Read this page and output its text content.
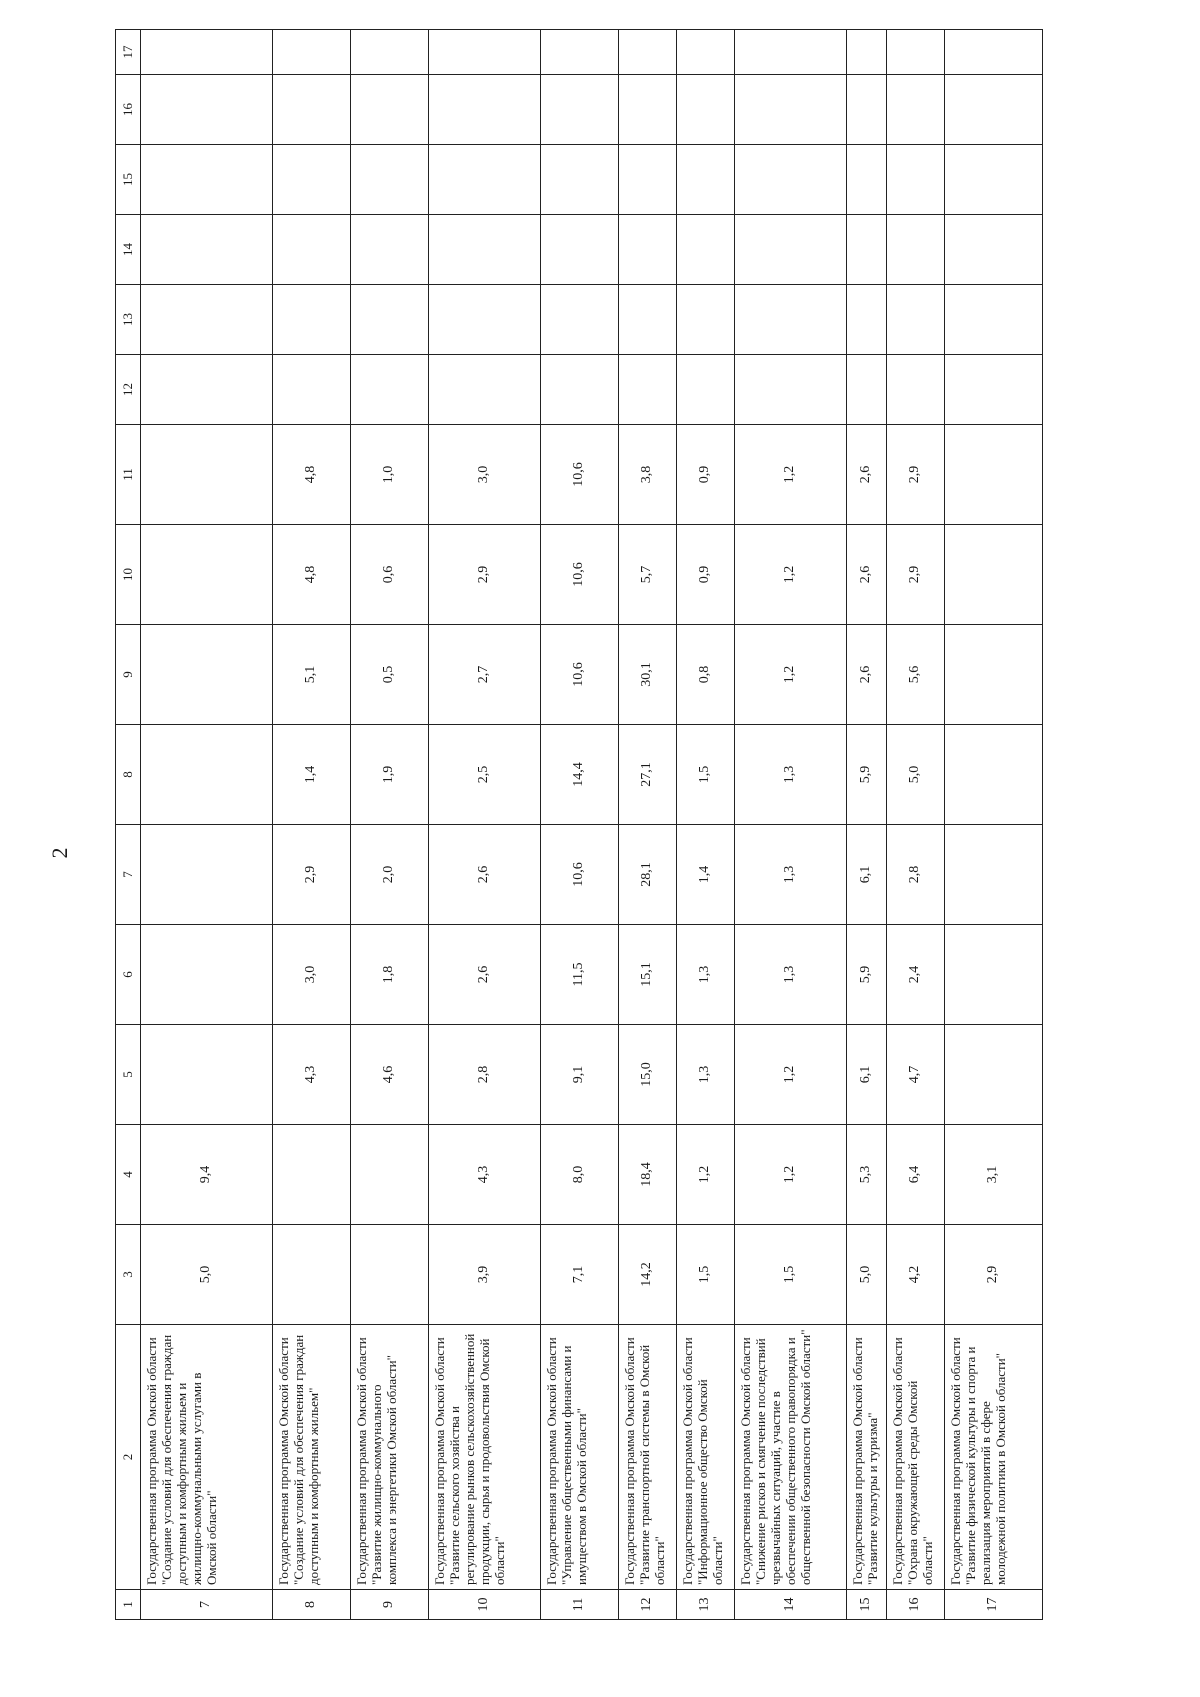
2
1	2	3	4	5	6	7	8	9	10	11	12	13	14	15	16	17
7	Государственная программа Омской области "Создание условий для обеспечения граждан доступным и комфортным жильем и жилищно-коммунальными услугами в Омской области"	5,0	9,4													
8	Государственная программа Омской области "Создание условий для обеспечения граждан доступным и комфортным жильем"			4,3	3,0	2,9	1,4	5,1	4,8	4,8						
9	Государственная программа Омской области "Развитие жилищно-коммунального комплекса и энергетики Омской области"			4,6	1,8	2,0	1,9	0,5	0,6	1,0						
10	Государственная программа Омской области "Развитие сельского хозяйства и регулирование рынков сельскохозяйственной продукции, сырья и продовольствия Омской области"	3,9	4,3	2,8	2,6	2,6	2,5	2,7	2,9	3,0						
11	Государственная программа Омской области "Управление общественными финансами и имуществом в Омской области"	7,1	8,0	9,1	11,5	10,6	14,4	10,6	10,6	10,6						
12	Государственная программа Омской области "Развитие транспортной системы в Омской области"	14,2	18,4	15,0	15,1	28,1	27,1	30,1	5,7	3,8						
13	Государственная программа Омской области "Информационное общество Омской области"	1,5	1,2	1,3	1,3	1,4	1,5	0,8	0,9	0,9						
14	Государственная программа Омской области "Снижение рисков и смягчение последствий чрезвычайных ситуаций, участие в обеспечении общественного правопорядка и общественной безопасности Омской области"	1,5	1,2	1,2	1,3	1,3	1,3	1,2	1,2	1,2						
15	Государственная программа Омской области "Развитие культуры и туризма"	5,0	5,3	6,1	5,9	6,1	5,9	2,6	2,6	2,6						
16	Государственная программа Омской области "Охрана окружающей среды Омской области"	4,2	6,4	4,7	2,4	2,8	5,0	5,6	2,9	2,9						
17	Государственная программа Омской области "Развитие физической культуры и спорта и реализация мероприятий в сфере молодежной политики в Омской области"	2,9	3,1													
